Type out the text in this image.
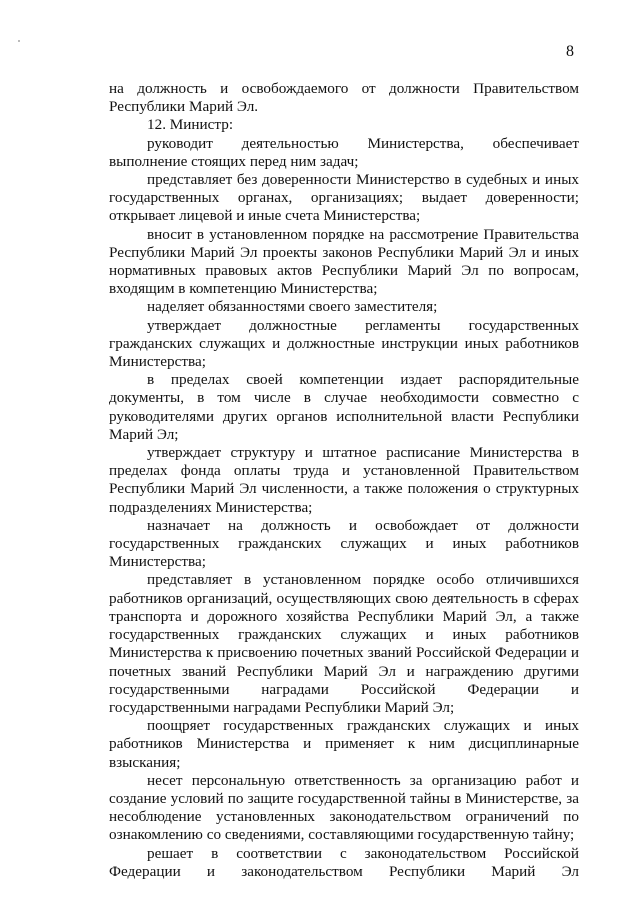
8

на должность и освобождаемого от должности Правительством Республики Марий Эл.

12. Министр:

руководит деятельностью Министерства, обеспечивает выполнение стоящих перед ним задач;

представляет без доверенности Министерство в судебных и иных государственных органах, организациях; выдает доверенности; открывает лицевой и иные счета Министерства;

вносит в установленном порядке на рассмотрение Правительства Республики Марий Эл проекты законов Республики Марий Эл и иных нормативных правовых актов Республики Марий Эл по вопросам, входящим в компетенцию Министерства;

наделяет обязанностями своего заместителя;

утверждает должностные регламенты государственных гражданских служащих и должностные инструкции иных работников Министерства;

в пределах своей компетенции издает распорядительные документы, в том числе в случае необходимости совместно с руководителями других органов исполнительной власти Республики Марий Эл;

утверждает структуру и штатное расписание Министерства в пределах фонда оплаты труда и установленной Правительством Республики Марий Эл численности, а также положения о структурных подразделениях Министерства;

назначает на должность и освобождает от должности государственных гражданских служащих и иных работников Министерства;

представляет в установленном порядке особо отличившихся работников организаций, осуществляющих свою деятельность в сферах транспорта и дорожного хозяйства Республики Марий Эл, а также государственных гражданских служащих и иных работников Министерства к присвоению почетных званий Российской Федерации и почетных званий Республики Марий Эл и награждению другими государственными наградами Российской Федерации и государственными наградами Республики Марий Эл;

поощряет государственных гражданских служащих и иных работников Министерства и применяет к ним дисциплинарные взыскания;

несет персональную ответственность за организацию работ и создание условий по защите государственной тайны в Министерстве, за несоблюдение установленных законодательством ограничений по ознакомлению со сведениями, составляющими государственную тайну;

решает в соответствии с законодательством Российской Федерации и законодательством Республики Марий Эл
